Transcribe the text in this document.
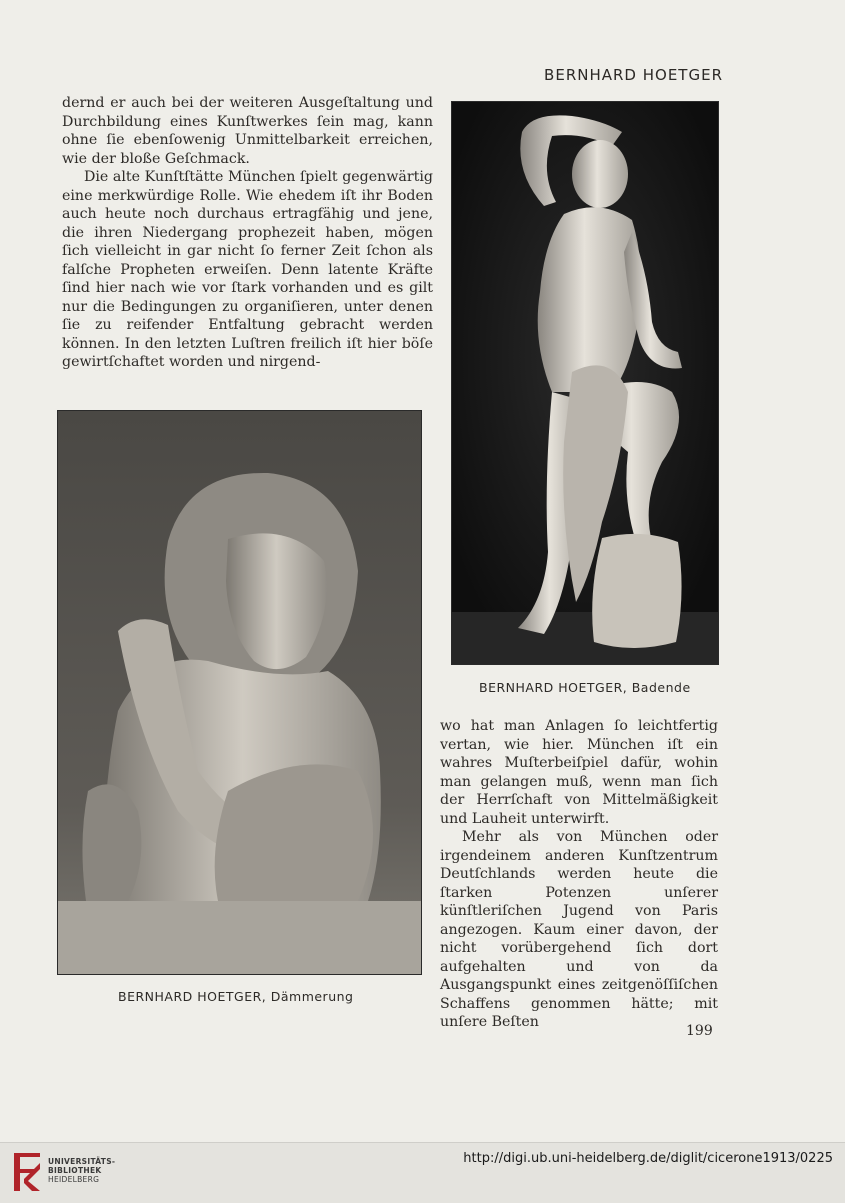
BERNHARD HOETGER

dernd er auch bei der weiteren Ausgeſtaltung und Durchbildung eines Kunſtwerkes ſein mag, kann ohne ſie ebenſowenig Unmittelbarkeit erreichen, wie der bloße Geſchmack.

Die alte Kunſtſtätte München ſpielt gegenwärtig eine merkwürdige Rolle. Wie ehedem iſt ihr Boden auch heute noch durchaus ertragfähig und jene, die ihren Niedergang prophezeit haben, mögen ſich vielleicht in gar nicht ſo ferner Zeit ſchon als falſche Propheten erweiſen. Denn latente Kräfte ſind hier nach wie vor ſtark vorhanden und es gilt nur die Bedingungen zu organiſieren, unter denen ſie zu reifender Entfaltung gebracht werden können. In den letzten Luſtren freilich iſt hier böſe gewirtſchaftet worden und nirgend-

BERNHARD HOETGER, Badende
BERNHARD HOETGER, Dämmerung

wo hat man Anlagen ſo leichtfertig vertan, wie hier. München iſt ein wahres Muſterbeiſpiel dafür, wohin man gelangen muß, wenn man ſich der Herrſchaft von Mittelmäßigkeit und Lauheit unterwirft.

Mehr als von München oder irgendeinem anderen Kunſtzentrum Deutſchlands werden heute die ſtarken Potenzen unſerer künſtleriſchen Jugend von Paris angezogen. Kaum einer davon, der nicht vorübergehend ſich dort aufgehalten und von da Ausgangspunkt eines zeitgenöſſiſchen Schaffens genommen hätte; mit unſere Beſten

199
UNIVERSITÄTS-
BIBLIOTHEK
HEIDELBERG
http://digi.ub.uni-heidelberg.de/diglit/cicerone1913/0225
